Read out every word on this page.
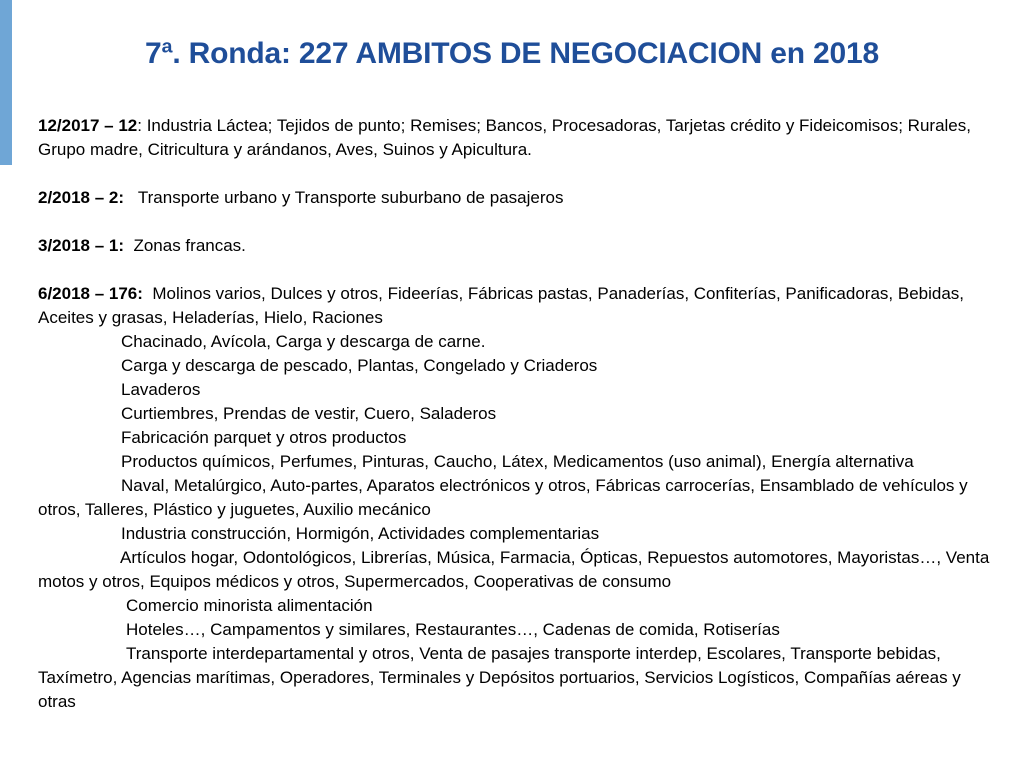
7ª. Ronda: 227 AMBITOS DE NEGOCIACION en 2018

12/2017 – 12: Industria Láctea; Tejidos de punto; Remises; Bancos, Procesadoras, Tarjetas crédito y Fideicomisos; Rurales, Grupo madre, Citricultura y arándanos, Aves, Suinos y Apicultura.

2/2018 – 2:   Transporte urbano y Transporte suburbano de pasajeros

3/2018 – 1:  Zonas francas.

6/2018 – 176:  Molinos varios, Dulces y otros, Fideerías, Fábricas pastas, Panaderías, Confiterías, Panificadoras, Bebidas, Aceites y grasas, Heladerías, Hielo, Raciones

Chacinado, Avícola, Carga y descarga de carne.

Carga y descarga de pescado, Plantas, Congelado y Criaderos

Lavaderos

Curtiembres, Prendas de vestir, Cuero, Saladeros

Fabricación parquet y otros productos

Productos químicos, Perfumes, Pinturas, Caucho, Látex, Medicamentos (uso animal), Energía alternativa

Naval, Metalúrgico, Auto-partes, Aparatos electrónicos y otros, Fábricas carrocerías, Ensamblado de vehículos y otros, Talleres, Plástico y juguetes, Auxilio mecánico

Industria construcción, Hormigón, Actividades complementarias

Artículos hogar, Odontológicos, Librerías, Música, Farmacia, Ópticas, Repuestos automotores, Mayoristas…, Venta motos y otros, Equipos médicos y otros, Supermercados, Cooperativas de consumo

Comercio minorista alimentación

Hoteles…, Campamentos y similares, Restaurantes…, Cadenas de comida, Rotiserías

Transporte interdepartamental y otros, Venta de pasajes transporte interdep, Escolares, Transporte bebidas, Taxímetro, Agencias marítimas, Operadores, Terminales y Depósitos portuarios, Servicios Logísticos, Compañías aéreas y otras
